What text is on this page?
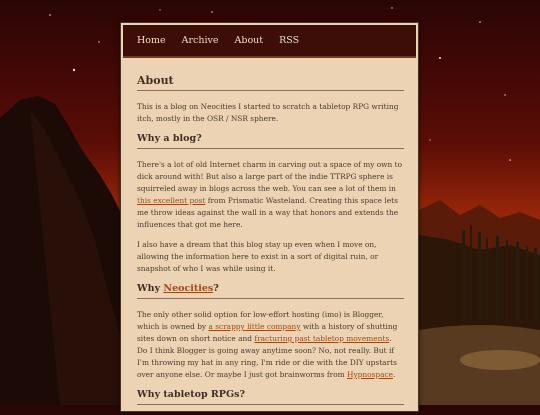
Home Archive About RSS
About

This is a blog on Neocities I started to scratch a tabletop RPG writing itch, mostly in the OSR / NSR sphere.

Why a blog?

There's a lot of old Internet charm in carving out a space of my own to dick around with! But also a large part of the indie TTRPG sphere is squirreled away in blogs across the web. You can see a lot of them in this excellent post from Prismatic Wasteland. Creating this space lets me throw ideas against the wall in a way that honors and extends the influences that got me here.

I also have a dream that this blog stay up even when I move on, allowing the information here to exist in a sort of digital ruin, or snapshot of who I was while using it.

Why Neocities?

The only other solid option for low-effort hosting (imo) is Blogger, which is owned by a scrappy little company with a history of shutting sites down on short notice and fracturing past tabletop movements. Do I think Blogger is going away anytime soon? No, not really. But if I'm throwing my hat in any ring, I'm ride or die with the DIY upstarts over anyone else. Or maybe I just got brainworms from Hypnospace.

Why tabletop RPGs?
